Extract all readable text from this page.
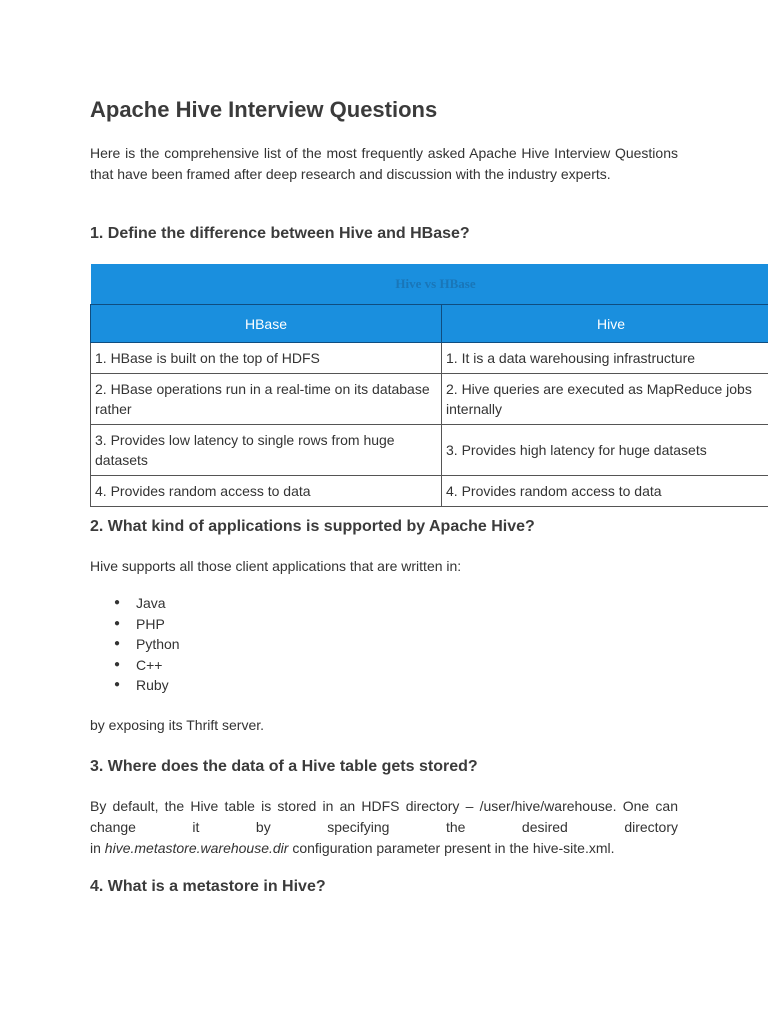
Apache Hive Interview Questions

Here is the comprehensive list of the most frequently asked Apache Hive Interview Questions that have been framed after deep research and discussion with the industry experts.

1. Define the difference between Hive and HBase?
Hive vs HBase	
HBase	Hive
1. HBase is built on the top of HDFS	1. It is a data warehousing infrastructure
2. HBase operations run in a real-time on its database rather	2. Hive queries are executed as MapReduce jobs internally
3. Provides low latency to single rows from huge datasets	3. Provides high latency for huge datasets
4. Provides random access to data	4. Provides random access to data
2. What kind of applications is supported by Apache Hive?

Hive supports all those client applications that are written in:

● Java
● PHP
● Python
● C++
● Ruby

by exposing its Thrift server.

3. Where does the data of a Hive table gets stored?

By default, the Hive table is stored in an HDFS directory – /user/hive/warehouse. One can
change it by specifying the desired directory
in hive.metastore.warehouse.dir configuration parameter present in the hive-site.xml.

4. What is a metastore in Hive?
